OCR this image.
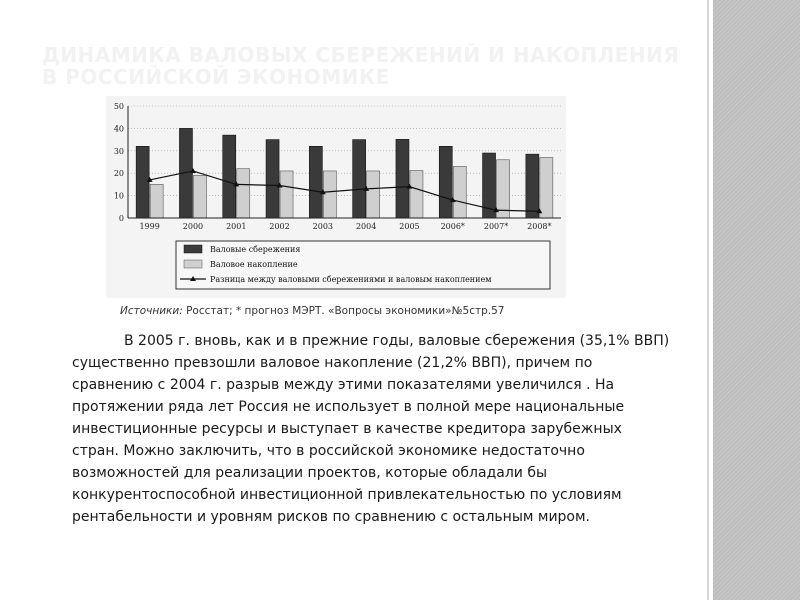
ДИНАМИКА ВАЛОВЫХ СБЕРЕЖЕНИЙ И НАКОПЛЕНИЯ В РОССИЙСКОЙ ЭКОНОМИКЕ
0
10
20
30
40
50
1999	2000	2001	2002	2003	2004	2005	2006* 2007* 2008*
Валовые сбережения
Валовое накопление
Разница между валовыми сбережениями и валовым накоплением
Источники: Росстат; * прогноз МЭРТ. «Вопросы экономики»№5стр.57

В 2005 г. вновь, как и в прежние годы, валовые сбережения (35,1% ВВП) существенно превзошли валовое накопление (21,2% ВВП), причем по сравнению с 2004 г. разрыв между этими показателями увеличился . На протяжении ряда лет Россия не использует в полной мере национальные инвестиционные ресурсы и выступает в качестве кредитора зарубежных стран. Можно заключить, что в российской экономике недостаточно возможностей для реализации проектов, которые обладали бы конкурентоспособной инвестиционной привлекательностью по условиям рентабельности и уровням рисков по сравнению с остальным миром.
